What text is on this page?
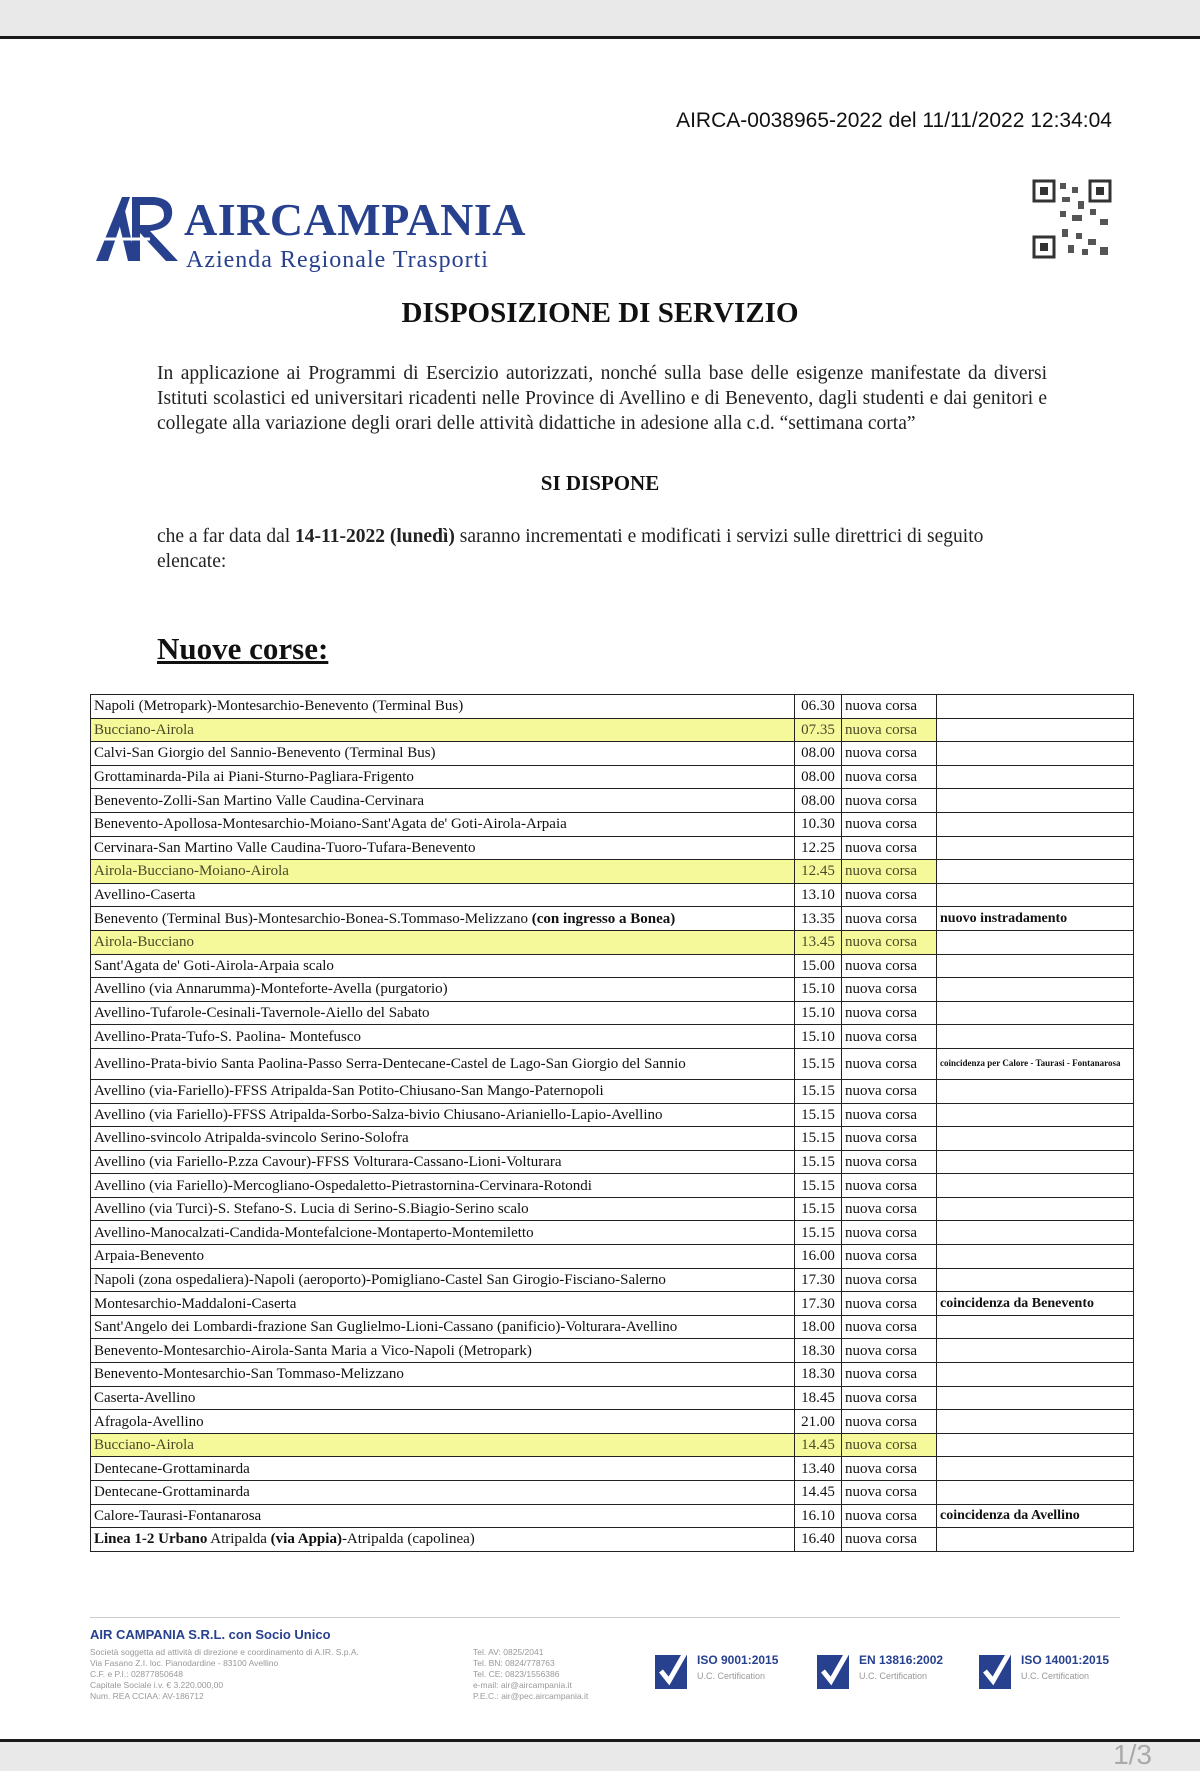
AIRCA-0038965-2022 del 11/11/2022 12:34:04
AIRCAMPANIA
Azienda Regionale Trasporti
DISPOSIZIONE DI SERVIZIO
In applicazione ai Programmi di Esercizio autorizzati, nonché sulla base delle esigenze manifestate da diversi Istituti scolastici ed universitari ricadenti nelle Province di Avellino e di Benevento, dagli studenti e dai genitori e collegate alla variazione degli orari delle attività didattiche in adesione alla c.d. “settimana corta”
SI DISPONE
che a far data dal 14-11-2022 (lunedì) saranno incrementati e modificati i servizi sulle direttrici di seguito elencate:
Nuove corse:
Napoli (Metropark)-Montesarchio-Benevento (Terminal Bus)	06.30	nuova corsa	
Bucciano-Airola	07.35	nuova corsa	
Calvi-San Giorgio del Sannio-Benevento (Terminal Bus)	08.00	nuova corsa	
Grottaminarda-Pila ai Piani-Sturno-Pagliara-Frigento	08.00	nuova corsa	
Benevento-Zolli-San Martino Valle Caudina-Cervinara	08.00	nuova corsa	
Benevento-Apollosa-Montesarchio-Moiano-Sant'Agata de' Goti-Airola-Arpaia	10.30	nuova corsa	
Cervinara-San Martino Valle Caudina-Tuoro-Tufara-Benevento	12.25	nuova corsa	
Airola-Bucciano-Moiano-Airola	12.45	nuova corsa	
Avellino-Caserta	13.10	nuova corsa	
Benevento (Terminal Bus)-Montesarchio-Bonea-S.Tommaso-Melizzano (con ingresso a Bonea)	13.35	nuova corsa	nuovo instradamento
Airola-Bucciano	13.45	nuova corsa	
Sant'Agata de' Goti-Airola-Arpaia scalo	15.00	nuova corsa	
Avellino (via Annarumma)-Monteforte-Avella (purgatorio)	15.10	nuova corsa	
Avellino-Tufarole-Cesinali-Tavernole-Aiello del Sabato	15.10	nuova corsa	
Avellino-Prata-Tufo-S. Paolina- Montefusco	15.10	nuova corsa	
Avellino-Prata-bivio Santa Paolina-Passo Serra-Dentecane-Castel de Lago-San Giorgio del Sannio	15.15	nuova corsa	coincidenza per Calore - Taurasi - Fontanarosa
Avellino (via-Fariello)-FFSS Atripalda-San Potito-Chiusano-San Mango-Paternopoli	15.15	nuova corsa	
Avellino (via Fariello)-FFSS Atripalda-Sorbo-Salza-bivio Chiusano-Arianiello-Lapio-Avellino	15.15	nuova corsa	
Avellino-svincolo Atripalda-svincolo Serino-Solofra	15.15	nuova corsa	
Avellino (via Fariello-P.zza Cavour)-FFSS Volturara-Cassano-Lioni-Volturara	15.15	nuova corsa	
Avellino (via Fariello)-Mercogliano-Ospedaletto-Pietrastornina-Cervinara-Rotondi	15.15	nuova corsa	
Avellino (via Turci)-S. Stefano-S. Lucia di Serino-S.Biagio-Serino scalo	15.15	nuova corsa	
Avellino-Manocalzati-Candida-Montefalcione-Montaperto-Montemiletto	15.15	nuova corsa	
Arpaia-Benevento	16.00	nuova corsa	
Napoli (zona ospedaliera)-Napoli (aeroporto)-Pomigliano-Castel San Girogio-Fisciano-Salerno	17.30	nuova corsa	
Montesarchio-Maddaloni-Caserta	17.30	nuova corsa	coincidenza da Benevento
Sant'Angelo dei Lombardi-frazione San Guglielmo-Lioni-Cassano (panificio)-Volturara-Avellino	18.00	nuova corsa	
Benevento-Montesarchio-Airola-Santa Maria a Vico-Napoli (Metropark)	18.30	nuova corsa	
Benevento-Montesarchio-San Tommaso-Melizzano	18.30	nuova corsa	
Caserta-Avellino	18.45	nuova corsa	
Afragola-Avellino	21.00	nuova corsa	
Bucciano-Airola	14.45	nuova corsa	
Dentecane-Grottaminarda	13.40	nuova corsa	
Dentecane-Grottaminarda	14.45	nuova corsa	
Calore-Taurasi-Fontanarosa	16.10	nuova corsa	coincidenza da Avellino
Linea 1-2 Urbano Atripalda (via Appia)-Atripalda (capolinea)	16.40	nuova corsa	
AIR CAMPANIA S.R.L. con Socio Unico
Società soggetta ad attività di direzione e coordinamento di A.IR. S.p.A.
Via Fasano Z.I. loc. Pianodardine - 83100 Avellino
C.F. e P.I.: 02877850648
Capitale Sociale i.v. € 3.220.000,00
Num. REA CCIAA: AV-186712
Tel. AV: 0825/2041
Tel. BN: 0824/778763
Tel. CE: 0823/1556386
e-mail: air@aircampania.it
P.E.C.: air@pec.aircampania.it
ISO 9001:2015
U.C. Certification
EN 13816:2002
U.C. Certification
ISO 14001:2015
U.C. Certification
1/3
